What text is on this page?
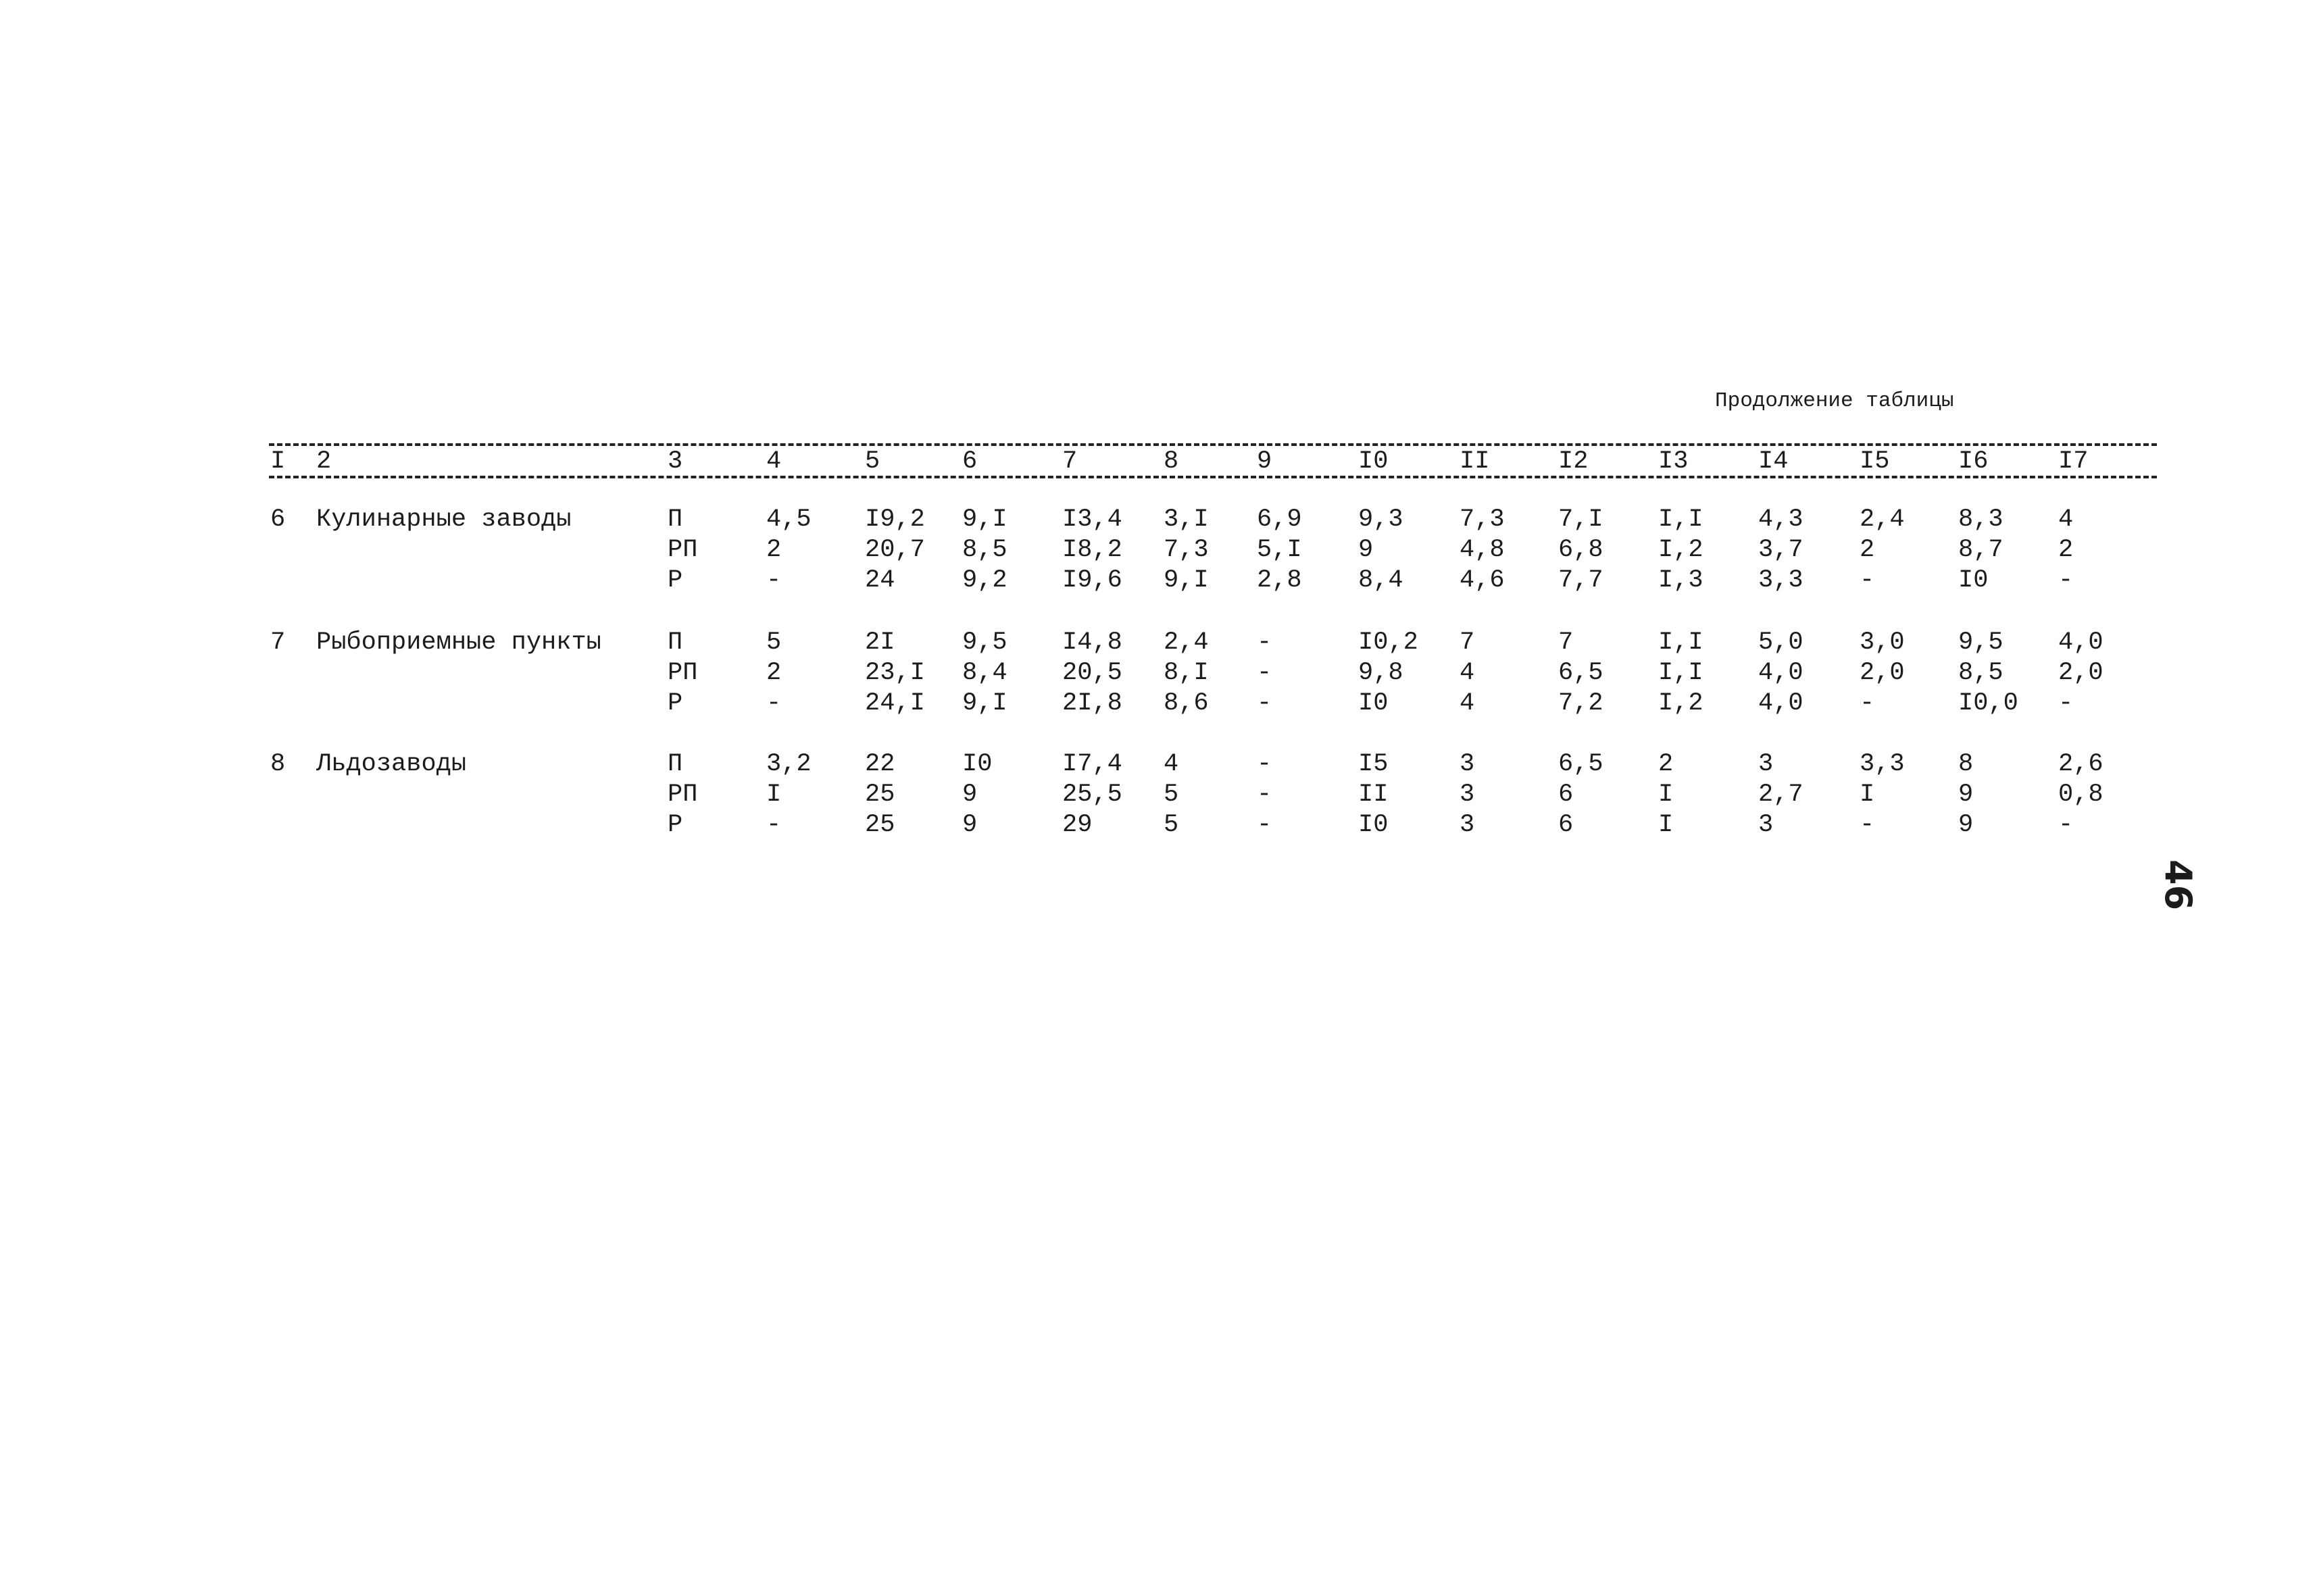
Продолжение таблицы
I 2	3	4	5	6	7	8	9	I0	II	I2	I3	I4	I5	I6	I7
6 Кулинарные заводы	П	4,5 I9,2 9,I I3,4 3,I 6,9 9,3 7,3 7,I I,I 4,3 2,4 8,3 4
РП	2	20,7 8,5 I8,2 7,3 5,I 9	4,8 6,8 I,2 3,7 2	8,7 2
Р	-	24	9,2 I9,6 9,I 2,8 8,4 4,6 7,7 I,3 3,3 -	I0	-
7 Рыбоприемные пункты	П	5	2I	9,5 I4,8 2,4 -	I0,2 7	7	I,I 5,0 3,0 9,5 4,0
РП	2	23,I 8,4 20,5 8,I -	9,8 4	6,5 I,I 4,0 2,0 8,5 2,0
Р	-	24,I 9,I 2I,8 8,6 -	I0	4	7,2 I,2 4,0 -	I0,0 -
8 Льдозаводы	П	3,2 22	I0	I7,4 4	-	I5	3	6,5 2	3	3,3 8	2,6
РП	I	25	9	25,5 5	-	II	3	6	I	2,7 I	9	0,8
Р	-	25	9	29	5	-	I0	3	6	I	3	-	9	-
46
